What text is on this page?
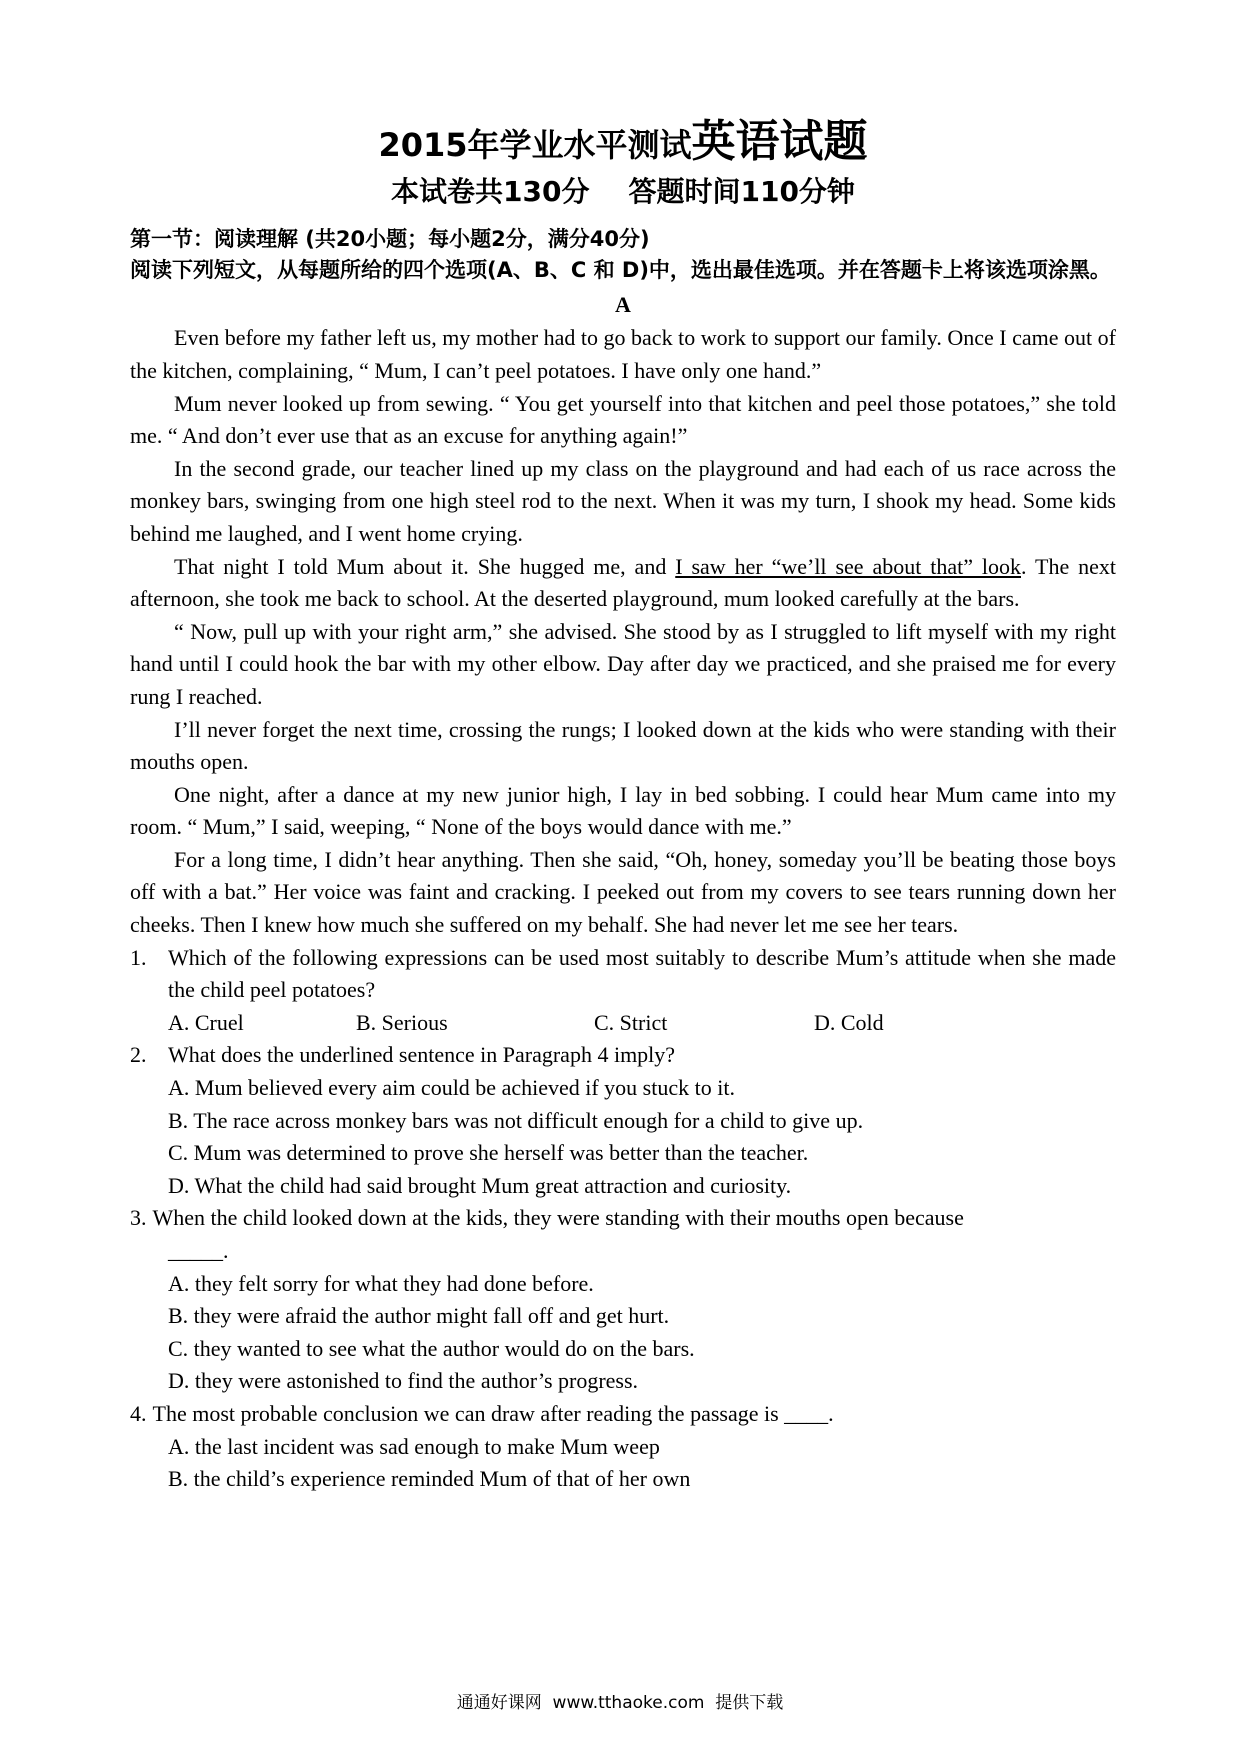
2015年学业水平测试英语试题
本试卷共130分    答题时间110分钟
第一节：阅读理解 (共20小题；每小题2分，满分40分)
阅读下列短文，从每题所给的四个选项(A、B、C 和 D)中，选出最佳选项。并在答题卡上将该选项涂黑。
A

Even before my father left us, my mother had to go back to work to support our family. Once I came out of the kitchen, complaining, “ Mum, I can’t peel potatoes. I have only one hand.”

Mum never looked up from sewing. “ You get yourself into that kitchen and peel those potatoes,” she told me. “ And don’t ever use that as an excuse for anything again!”

In the second grade, our teacher lined up my class on the playground and had each of us race across the monkey bars, swinging from one high steel rod to the next. When it was my turn, I shook my head. Some kids behind me laughed, and I went home crying.

That night I told Mum about it. She hugged me, and I saw her “we’ll see about that” look. The next afternoon, she took me back to school. At the deserted playground, mum looked carefully at the bars.

“ Now, pull up with your right arm,” she advised. She stood by as I struggled to lift myself with my right hand until I could hook the bar with my other elbow. Day after day we practiced, and she praised me for every rung I reached.

I’ll never forget the next time, crossing the rungs; I looked down at the kids who were standing with their mouths open.

One night, after a dance at my new junior high, I lay in bed sobbing. I could hear Mum came into my room. “ Mum,” I said, weeping, “ None of the boys would dance with me.”

For a long time, I didn’t hear anything. Then she said, “Oh, honey, someday you’ll be beating those boys off with a bat.” Her voice was faint and cracking. I peeked out from my covers to see tears running down her cheeks. Then I knew how much she suffered on my behalf. She had never let me see her tears.

1. Which of the following expressions can be used most suitably to describe Mum’s attitude when she made the child peel potatoes?
A. Cruel	B. Serious	C. Strict	D. Cold
2. What does the underlined sentence in Paragraph 4 imply?
A. Mum believed every aim could be achieved if you stuck to it.
B. The race across monkey bars was not difficult enough for a child to give up.
C. Mum was determined to prove she herself was better than the teacher.
D. What the child had said brought Mum great attraction and curiosity.
3. When the child looked down at the kids, they were standing with their mouths open because
_____.
A. they felt sorry for what they had done before.
B. they were afraid the author might fall off and get hurt.
C. they wanted to see what the author would do on the bars.
D. they were astonished to find the author’s progress.
4. The most probable conclusion we can draw after reading the passage is ____.
A. the last incident was sad enough to make Mum weep
B. the child’s experience reminded Mum of that of her own
通通好课网  www.tthaoke.com  提供下载
